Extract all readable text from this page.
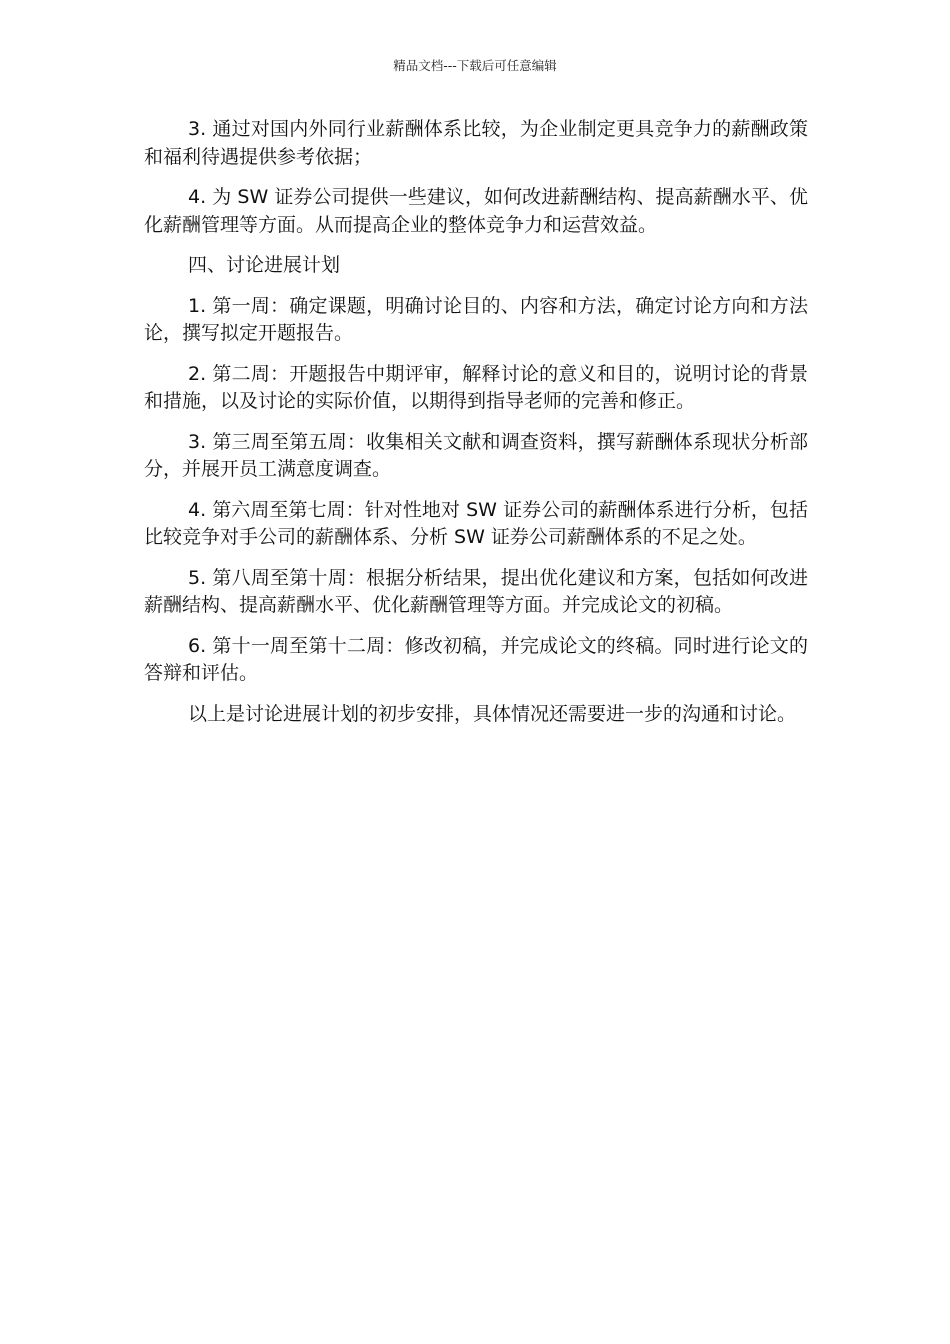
精品文档---下载后可任意编辑

3. 通过对国内外同行业薪酬体系比较，为企业制定更具竞争力的薪酬政策和福利待遇提供参考依据；

4. 为 SW 证券公司提供一些建议，如何改进薪酬结构、提高薪酬水平、优化薪酬管理等方面。从而提高企业的整体竞争力和运营效益。

四、讨论进展计划

1. 第一周：确定课题，明确讨论目的、内容和方法，确定讨论方向和方法论，撰写拟定开题报告。

2. 第二周：开题报告中期评审，解释讨论的意义和目的，说明讨论的背景和措施，以及讨论的实际价值，以期得到指导老师的完善和修正。

3. 第三周至第五周：收集相关文献和调查资料，撰写薪酬体系现状分析部分，并展开员工满意度调查。

4. 第六周至第七周：针对性地对 SW 证券公司的薪酬体系进行分析，包括比较竞争对手公司的薪酬体系、分析 SW 证券公司薪酬体系的不足之处。

5. 第八周至第十周：根据分析结果，提出优化建议和方案，包括如何改进薪酬结构、提高薪酬水平、优化薪酬管理等方面。并完成论文的初稿。

6. 第十一周至第十二周：修改初稿，并完成论文的终稿。同时进行论文的答辩和评估。

以上是讨论进展计划的初步安排，具体情况还需要进一步的沟通和讨论。
